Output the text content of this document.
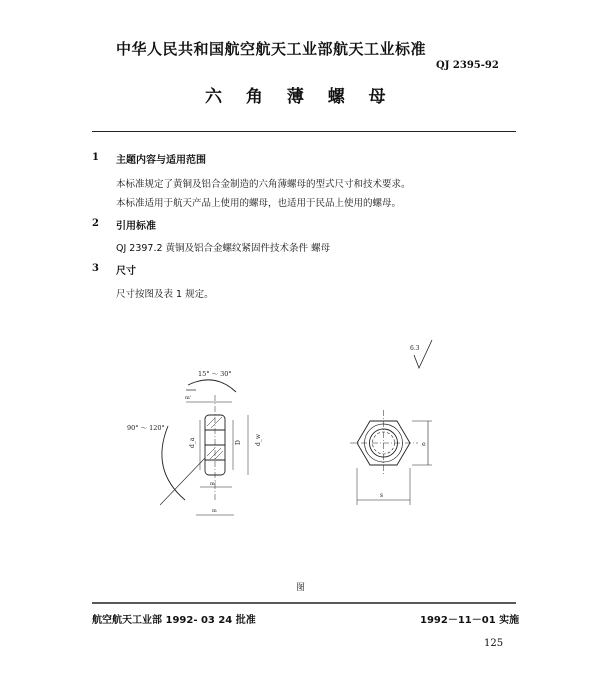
中华人民共和国航空航天工业部航天工业标准
QJ 2395-92
六 角 薄 螺 母
1 主题内容与适用范围
本标准规定了黄铜及铝合金制造的六角薄螺母的型式尺寸和技术要求。
本标准适用于航天产品上使用的螺母，也适用于民品上使用的螺母。
2 引用标准
QJ 2397.2 黄铜及铝合金螺纹紧固件技术条件 螺母
3 尺寸
尺寸按图及表 1 规定。
6.3
15° ～ 30°
m'
d_a	D d_w
90° ～ 120°
m'
m
e
s
图
航空航天工业部 1992- 03 24 批准	1992－11－01 实施
125
